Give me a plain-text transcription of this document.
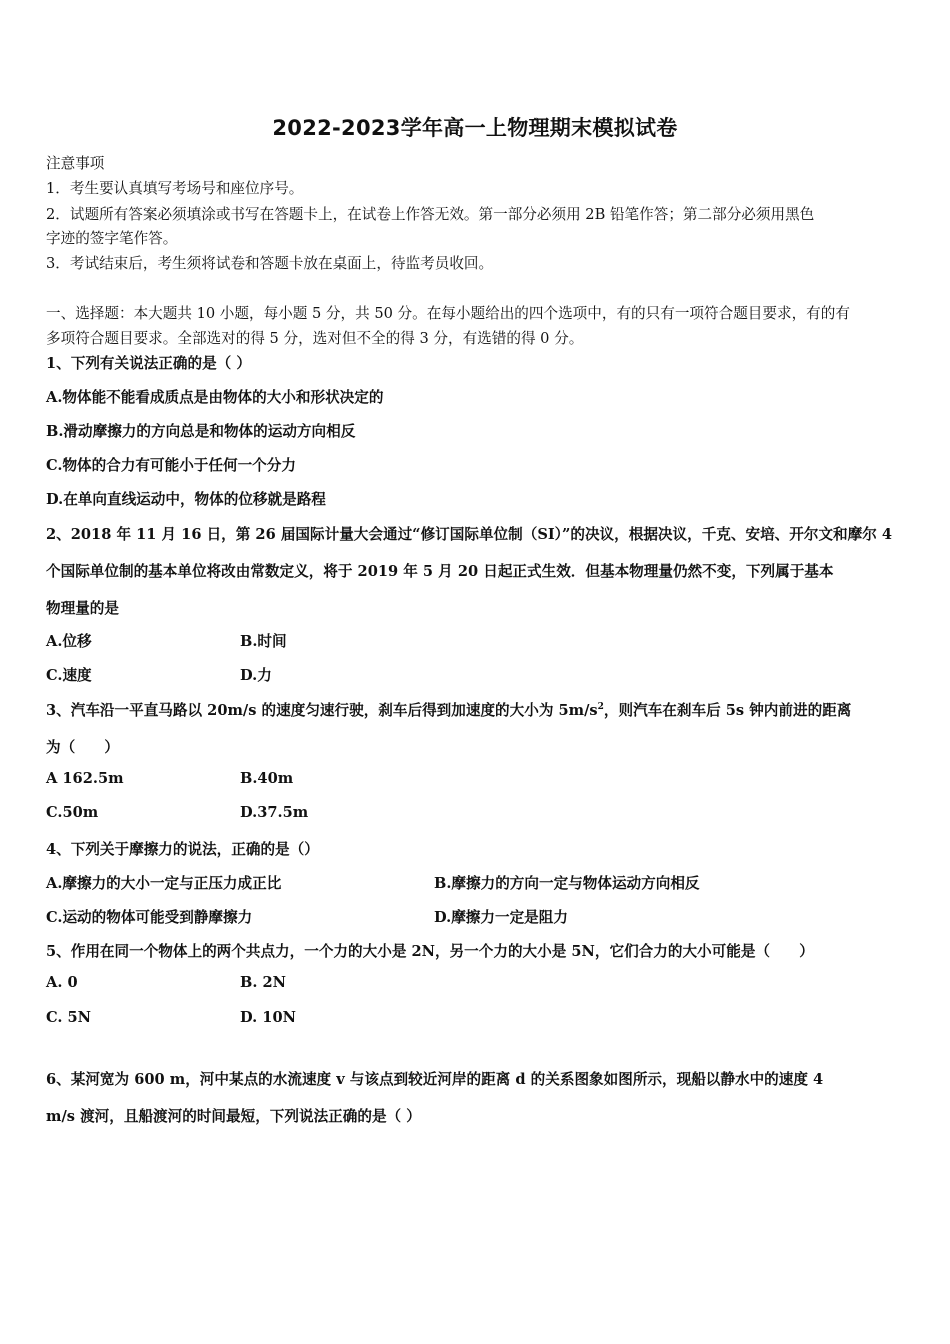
2022-2023学年高一上物理期末模拟试卷
注意事项
1．考生要认真填写考场号和座位序号。
2．试题所有答案必须填涂或书写在答题卡上，在试卷上作答无效。第一部分必须用 2B 铅笔作答；第二部分必须用黑色
字迹的签字笔作答。
3．考试结束后，考生须将试卷和答题卡放在桌面上，待监考员收回。
一、选择题：本大题共 10 小题，每小题 5 分，共 50 分。在每小题给出的四个选项中，有的只有一项符合题目要求，有的有
多项符合题目要求。全部选对的得 5 分，选对但不全的得 3 分，有选错的得 0 分。
1、下列有关说法正确的是（ ）
A.物体能不能看成质点是由物体的大小和形状决定的
B.滑动摩擦力的方向总是和物体的运动方向相反
C.物体的合力有可能小于任何一个分力
D.在单向直线运动中，物体的位移就是路程
2、2018 年 11 月 16 日，第 26 届国际计量大会通过“修订国际单位制（SI）”的决议，根据决议，千克、安培、开尔文和摩尔 4
个国际单位制的基本单位将改由常数定义，将于 2019 年 5 月 20 日起正式生效．但基本物理量仍然不变，下列属于基本
物理量的是
A.位移	B.时间
C.速度	D.力
3、汽车沿一平直马路以 20m/s 的速度匀速行驶，刹车后得到加速度的大小为 $5m/s^2$，则汽车在刹车后 5s 钟内前进的距离
为（　　）
A 162.5m	B.40m
C.50m	D.37.5m
4、下列关于摩擦力的说法，正确的是（）
A.摩擦力的大小一定与正压力成正比	B.摩擦力的方向一定与物体运动方向相反
C.运动的物体可能受到静摩擦力	D.摩擦力一定是阻力
5、作用在同一个物体上的两个共点力，一个力的大小是 2N，另一个力的大小是 5N，它们合力的大小可能是（　　）
A. 0	B. 2N
C. 5N	D. 10N
6、某河宽为 600 m，河中某点的水流速度 v 与该点到较近河岸的距离 d 的关系图象如图所示，现船以静水中的速度 4
m/s 渡河，且船渡河的时间最短，下列说法正确的是（ ）
